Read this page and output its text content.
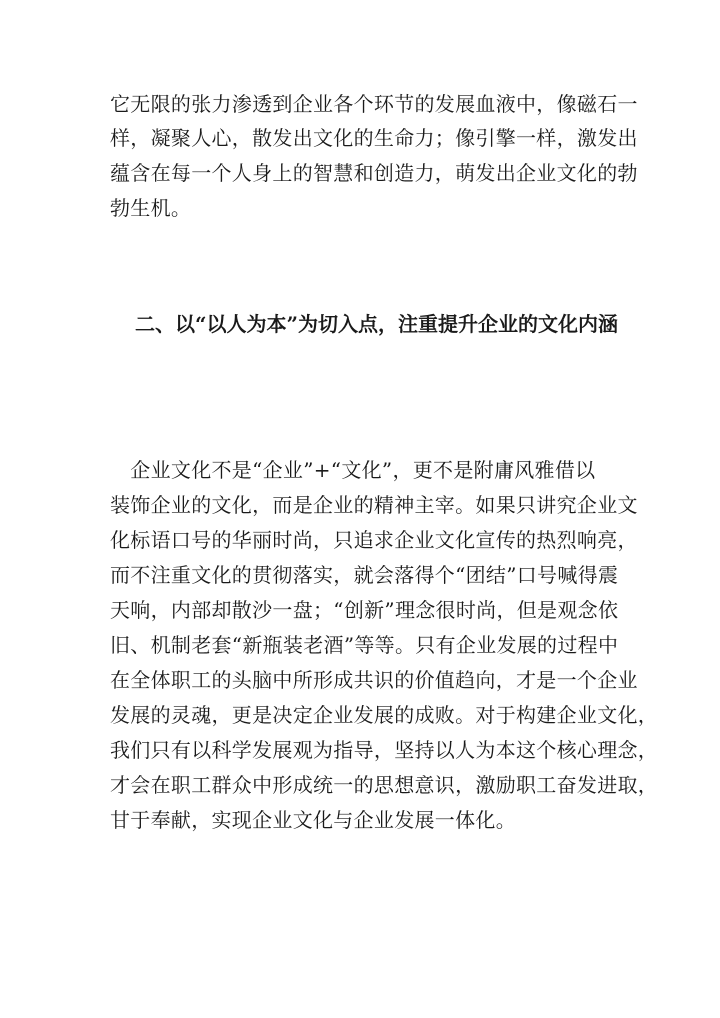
它无限的张力渗透到企业各个环节的发展血液中，像磁石一
样，凝聚人心，散发出文化的生命力；像引擎一样，激发出
蕴含在每一个人身上的智慧和创造力，萌发出企业文化的勃
勃生机。
二、以“以人为本”为切入点，注重提升企业的文化内涵
　企业文化不是“企业”+“文化”，更不是附庸风雅借以
装饰企业的文化，而是企业的精神主宰。如果只讲究企业文
化标语口号的华丽时尚，只追求企业文化宣传的热烈响亮，
而不注重文化的贯彻落实，就会落得个“团结”口号喊得震
天响，内部却散沙一盘；“创新”理念很时尚，但是观念依
旧、机制老套“新瓶装老酒”等等。只有企业发展的过程中
在全体职工的头脑中所形成共识的价值趋向，才是一个企业
发展的灵魂，更是决定企业发展的成败。对于构建企业文化，
我们只有以科学发展观为指导，坚持以人为本这个核心理念，
才会在职工群众中形成统一的思想意识，激励职工奋发进取，
甘于奉献，实现企业文化与企业发展一体化。
